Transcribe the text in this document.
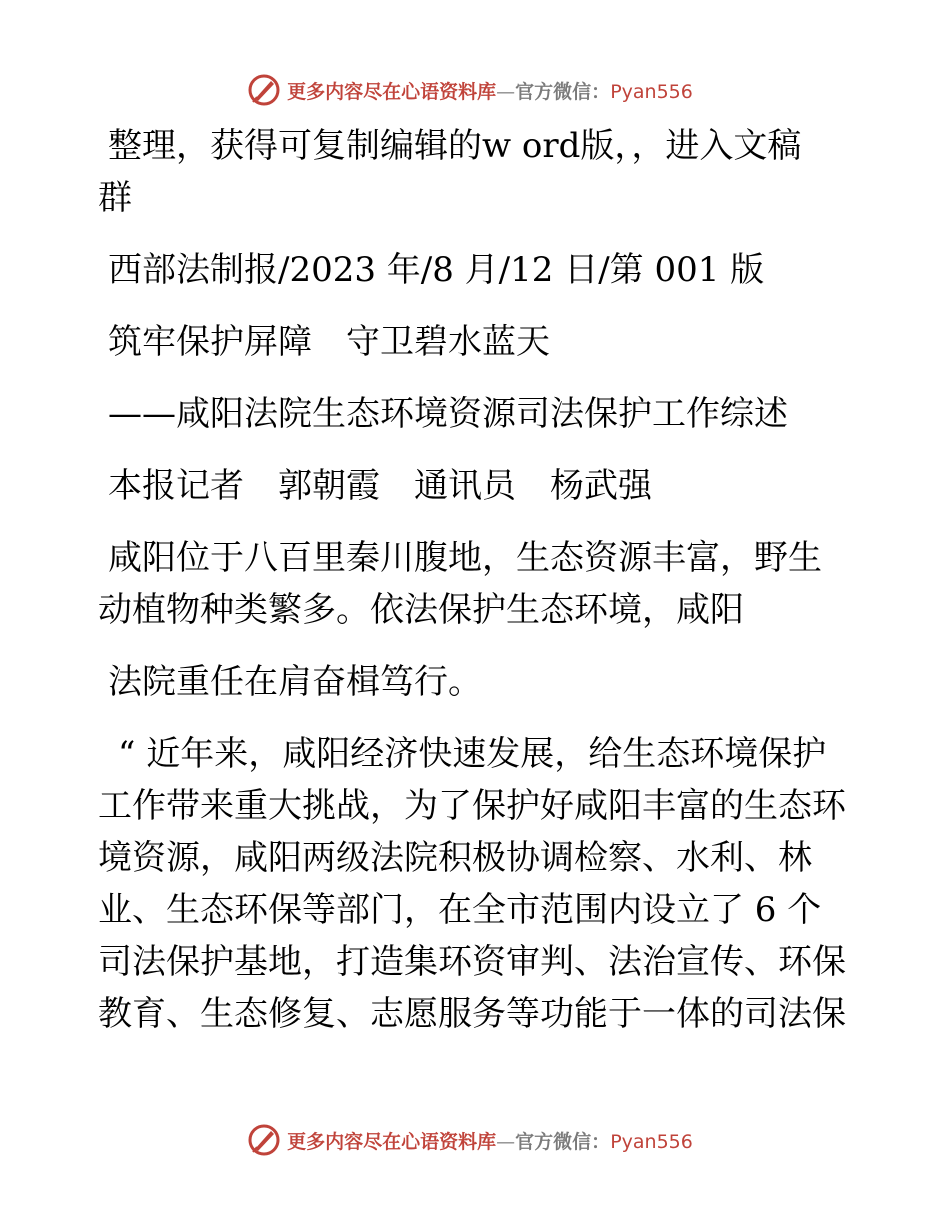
更多内容尽在心语资料库—官方微信：Pyan556
整理，获得可复制编辑的w ord版，，进入文稿
群
西部法制报/2023 年/8 月/12 日/第 001 版
筑牢保护屏障　守卫碧水蓝天
——咸阳法院生态环境资源司法保护工作综述
本报记者　郭朝霞　通讯员　杨武强
咸阳位于八百里秦川腹地，生态资源丰富，野生
动植物种类繁多。依法保护生态环境，咸阳
法院重任在肩奋楫笃行。
“ 近年来，咸阳经济快速发展，给生态环境保护
工作带来重大挑战，为了保护好咸阳丰富的生态环
境资源，咸阳两级法院积极协调检察、水利、林
业、生态环保等部门，在全市范围内设立了 6 个
司法保护基地，打造集环资审判、法治宣传、环保
教育、生态修复、志愿服务等功能于一体的司法保
更多内容尽在心语资料库—官方微信：Pyan556
